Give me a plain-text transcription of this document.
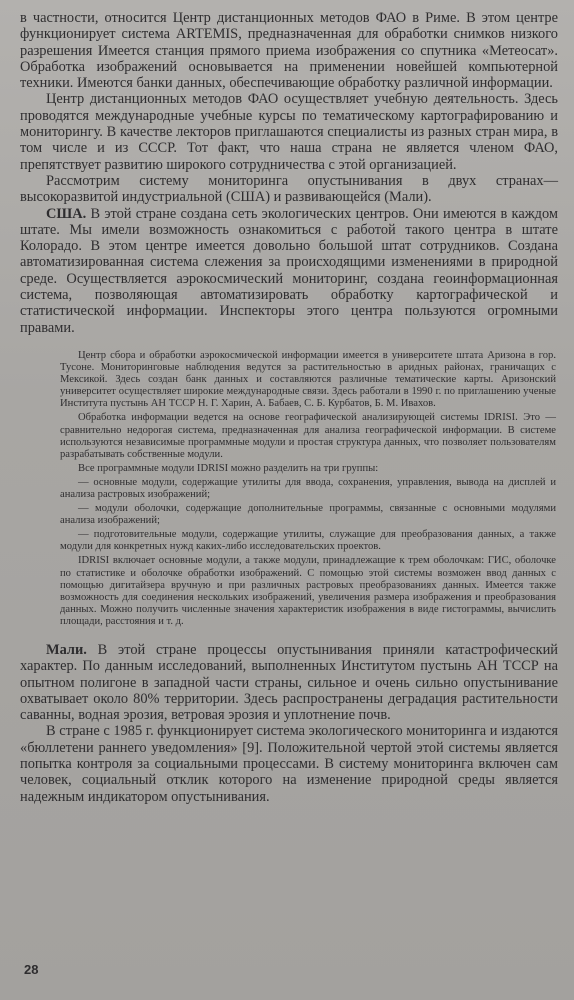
в частности, относится Центр дистанционных методов ФАО в Риме. В этом центре функционирует система ARTEMIS, предназначенная для обработки снимков низкого разрешения Имеется станция прямого приема изображения со спутника «Метеосат». Обработка изображений основывается на применении новейшей компьютерной техники. Имеются банки данных, обеспечивающие обработку различной информации.

Центр дистанционных методов ФАО осуществляет учебную деятельность. Здесь проводятся международные учебные курсы по тематическому картографированию и мониторингу. В качестве лекторов приглашаются специалисты из разных стран мира, в том числе и из СССР. Тот факт, что наша страна не является членом ФАО, препятствует развитию широкого сотрудничества с этой организацией.

Рассмотрим систему мониторинга опустынивания в двух странах— высокоразвитой индустриальной (США) и развивающейся (Мали).

США. В этой стране создана сеть экологических центров. Они имеются в каждом штате. Мы имели возможность ознакомиться с работой такого центра в штате Колорадо. В этом центре имеется довольно большой штат сотрудников. Создана автоматизированная система слежения за происходящими изменениями в природной среде. Осуществляется аэрокосмический мониторинг, создана геоинформационная система, позволяющая автоматизировать обработку картографической и статистической информации. Инспекторы этого центра пользуются огромными правами.

Центр сбора и обработки аэрокосмической информации имеется в университете штата Аризона в гор. Тусоне. Мониторинговые наблюдения ведутся за растительностью в аридных районах, граничащих с Мексикой. Здесь создан банк данных и составляются различные тематические карты. Аризонский университет осуществляет широкие международные связи. Здесь работали в 1990 г. по приглашению ученые Института пустынь АН ТССР Н. Г. Харин, А. Бабаев, С. Б. Курбатов, Б. М. Ивахов.

Обработка информации ведется на основе географической анализирующей системы IDRISI. Это — сравнительно недорогая система, предназначенная для анализа географической информации. В системе используются независимые программные модули и простая структура данных, что позволяет пользователям разрабатывать собственные модули.

Все программные модули IDRISI можно разделить на три группы:

— основные модули, содержащие утилиты для ввода, сохранения, управления, вывода на дисплей и анализа растровых изображений;

— модули оболочки, содержащие дополнительные программы, связанные с основными модулями анализа изображений;

— подготовительные модули, содержащие утилиты, служащие для преобразования данных, а также модули для конкретных нужд каких-либо исследовательских проектов.

IDRISI включает основные модули, а также модули, принадлежащие к трем оболочкам: ГИС, оболочке по статистике и оболочке обработки изображений. С помощью этой системы возможен ввод данных с помощью дигитайзера вручную и при различных растровых преобразованиях данных. Имеется также возможность для соединения нескольких изображений, увеличения размера изображения и преобразования данных. Можно получить численные значения характеристик изображения в виде гистограммы, вычислить площади, расстояния и т. д.

Мали. В этой стране процессы опустынивания приняли катастрофический характер. По данным исследований, выполненных Институтом пустынь АН ТССР на опытном полигоне в западной части страны, сильное и очень сильно опустынивание охватывает около 80% территории. Здесь распространены деградация растительности саванны, водная эрозия, ветровая эрозия и уплотнение почв.

В стране с 1985 г. функционирует система экологического мониторинга и издаются «бюллетени раннего уведомления» [9]. Положительной чертой этой системы является попытка контроля за социальными процессами. В систему мониторинга включен сам человек, социальный отклик которого на изменение природной среды является надежным индикатором опустынивания.

28
